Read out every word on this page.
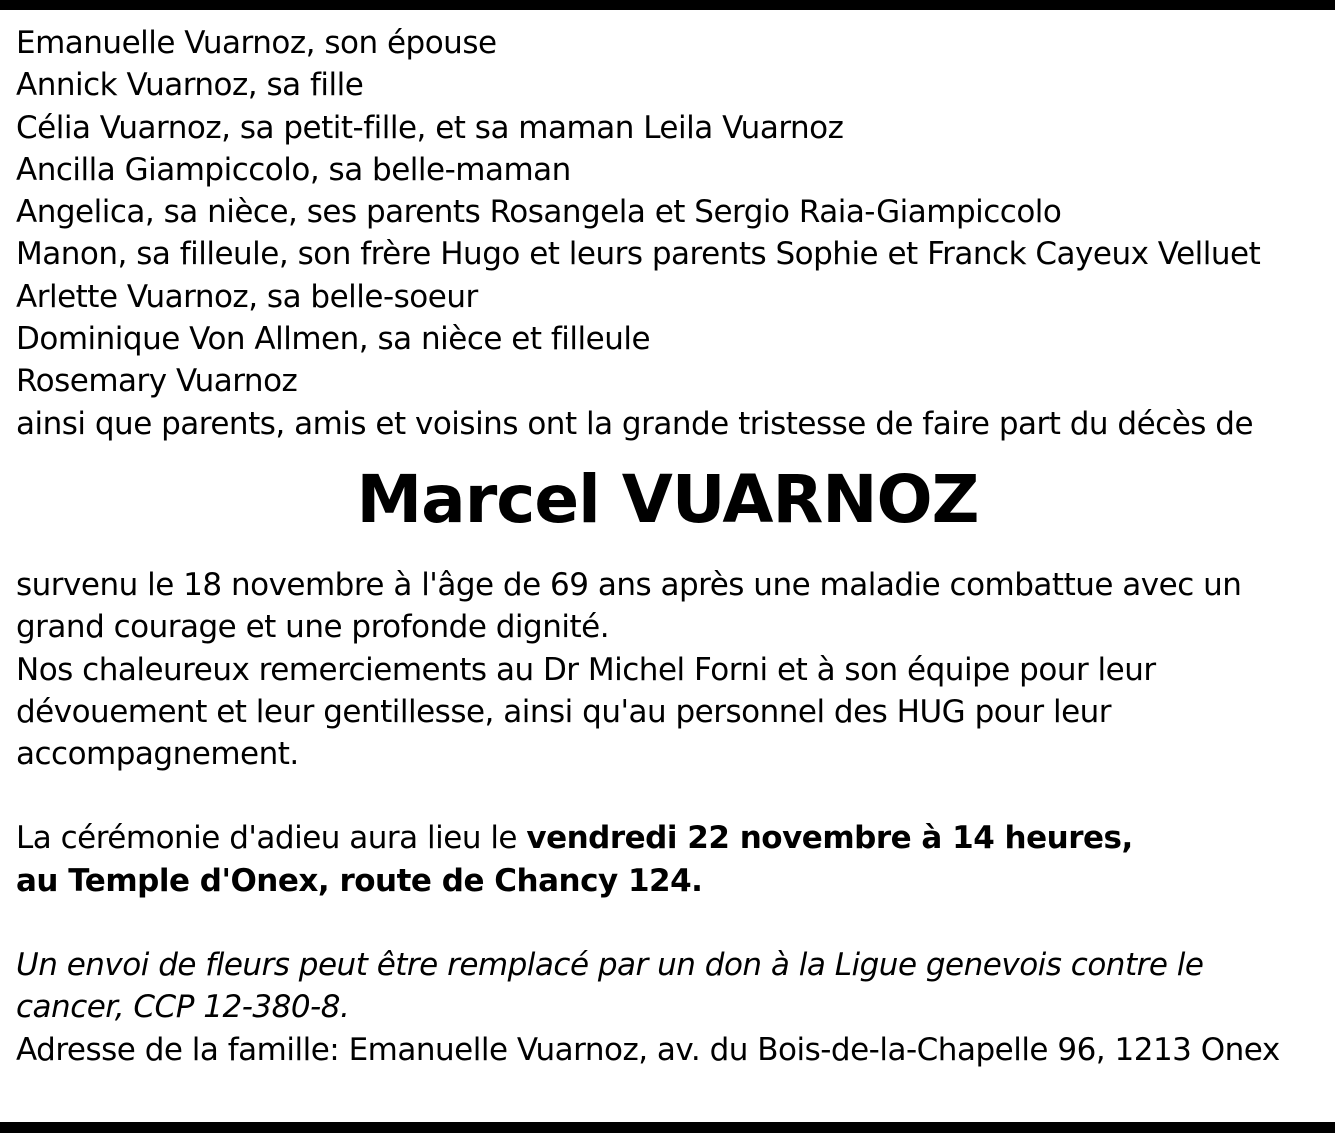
Emanuelle Vuarnoz, son épouse
Annick Vuarnoz, sa fille
Célia Vuarnoz, sa petit-fille, et sa maman Leila Vuarnoz
Ancilla Giampiccolo, sa belle-maman
Angelica, sa nièce, ses parents Rosangela et Sergio Raia-Giampiccolo
Manon, sa filleule, son frère Hugo et leurs parents Sophie et Franck Cayeux Velluet
Arlette Vuarnoz, sa belle-soeur
Dominique Von Allmen, sa nièce et filleule
Rosemary Vuarnoz
ainsi que parents, amis et voisins ont la grande tristesse de faire part du décès de
Marcel VUARNOZ
survenu le 18 novembre à l'âge de 69 ans après une maladie combattue avec un
grand courage et une profonde dignité.
Nos chaleureux remerciements au Dr Michel Forni et à son équipe pour leur
dévouement et leur gentillesse, ainsi qu'au personnel des HUG pour leur
accompagnement.
La cérémonie d'adieu aura lieu le vendredi 22 novembre à 14 heures,
au Temple d'Onex, route de Chancy 124.
Un envoi de fleurs peut être remplacé par un don à la Ligue genevois contre le
cancer, CCP 12-380-8.
Adresse de la famille: Emanuelle Vuarnoz, av. du Bois-de-la-Chapelle 96, 1213 Onex
